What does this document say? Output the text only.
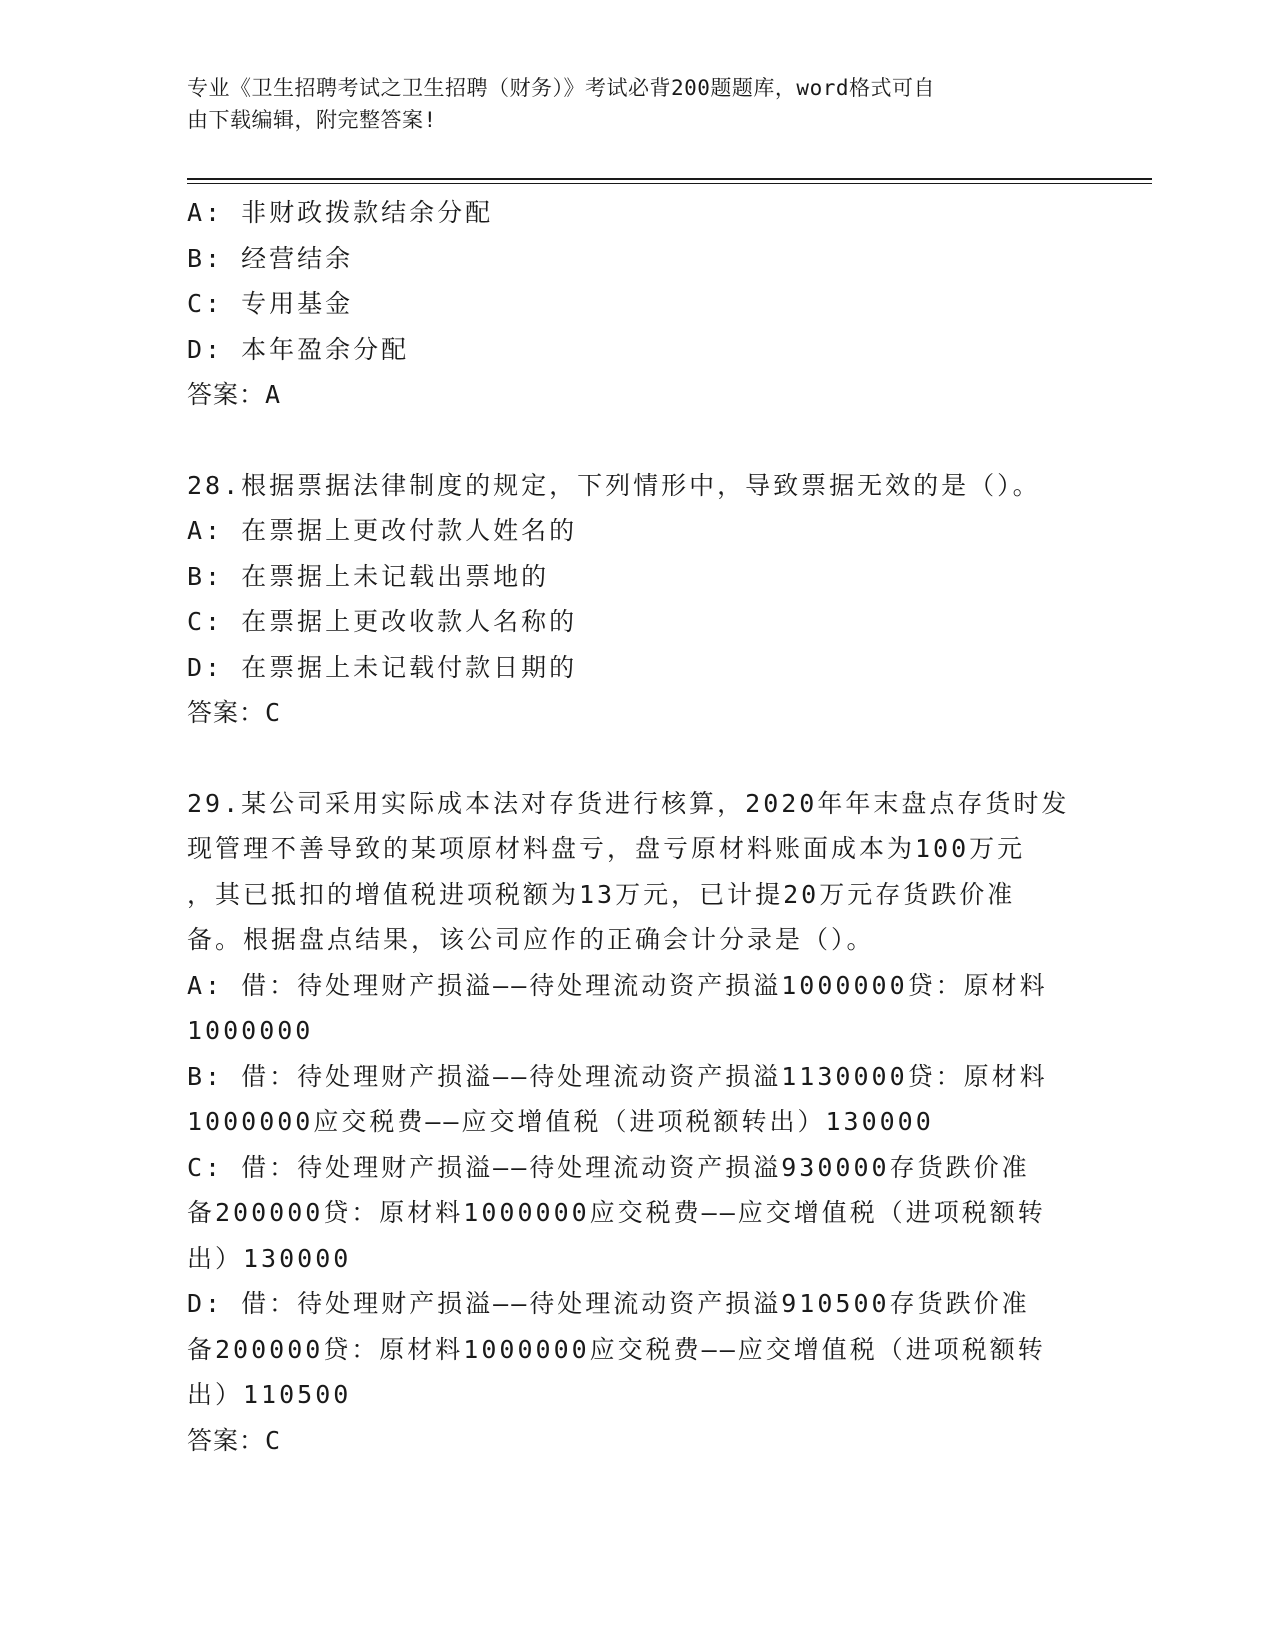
专业《卫生招聘考试之卫生招聘（财务）》考试必背200题题库，word格式可自
由下载编辑，附完整答案!
A: 非财政拨款结余分配
B: 经营结余
C: 专用基金
D: 本年盈余分配
答案：A
28.根据票据法律制度的规定，下列情形中，导致票据无效的是（）。
A: 在票据上更改付款人姓名的
B: 在票据上未记载出票地的
C: 在票据上更改收款人名称的
D: 在票据上未记载付款日期的
答案：C
29.某公司采用实际成本法对存货进行核算，2020年年末盘点存货时发
现管理不善导致的某项原材料盘亏，盘亏原材料账面成本为100万元
，其已抵扣的增值税进项税额为13万元，已计提20万元存货跌价准
备。根据盘点结果，该公司应作的正确会计分录是（）。
A: 借：待处理财产损溢——待处理流动资产损溢1000000贷：原材料
1000000
B: 借：待处理财产损溢——待处理流动资产损溢1130000贷：原材料
1000000应交税费——应交增值税（进项税额转出）130000
C: 借：待处理财产损溢——待处理流动资产损溢930000存货跌价准
备200000贷：原材料1000000应交税费——应交增值税（进项税额转
出）130000
D: 借：待处理财产损溢——待处理流动资产损溢910500存货跌价准
备200000贷：原材料1000000应交税费——应交增值税（进项税额转
出）110500
答案：C
